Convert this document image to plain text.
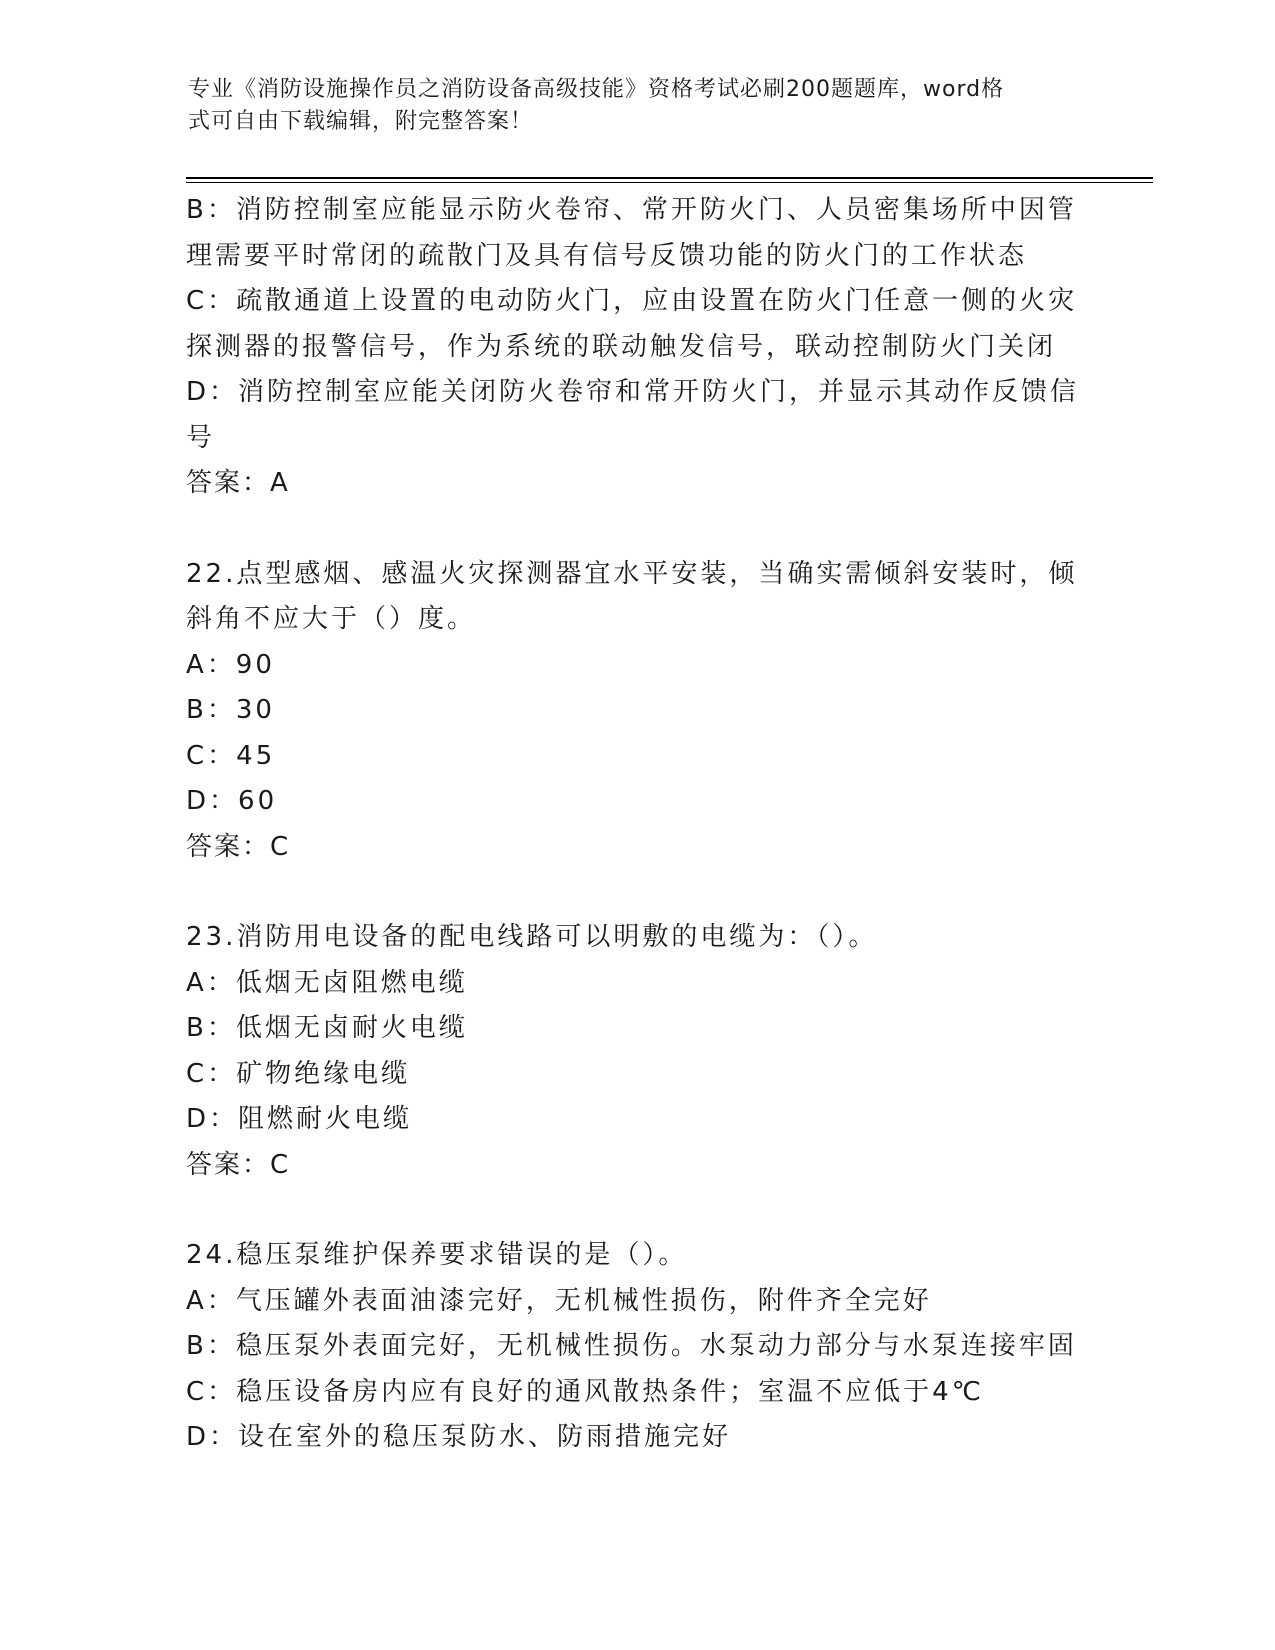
专业《消防设施操作员之消防设备高级技能》资格考试必刷200题题库，word格
式可自由下载编辑，附完整答案！

B：消防控制室应能显示防火卷帘、常开防火门、人员密集场所中因管

理需要平时常闭的疏散门及具有信号反馈功能的防火门的工作状态

C：疏散通道上设置的电动防火门，应由设置在防火门任意一侧的火灾

探测器的报警信号，作为系统的联动触发信号，联动控制防火门关闭

D：消防控制室应能关闭防火卷帘和常开防火门，并显示其动作反馈信

号

答案：A

22.点型感烟、感温火灾探测器宜水平安装，当确实需倾斜安装时，倾

斜角不应大于（）度。

A：90

B：30

C：45

D：60

答案：C

23.消防用电设备的配电线路可以明敷的电缆为：（）。

A：低烟无卤阻燃电缆

B：低烟无卤耐火电缆

C：矿物绝缘电缆

D：阻燃耐火电缆

答案：C

24.稳压泵维护保养要求错误的是（）。

A：气压罐外表面油漆完好，无机械性损伤，附件齐全完好

B：稳压泵外表面完好，无机械性损伤。水泵动力部分与水泵连接牢固

C：稳压设备房内应有良好的通风散热条件；室温不应低于4℃

D：设在室外的稳压泵防水、防雨措施完好
